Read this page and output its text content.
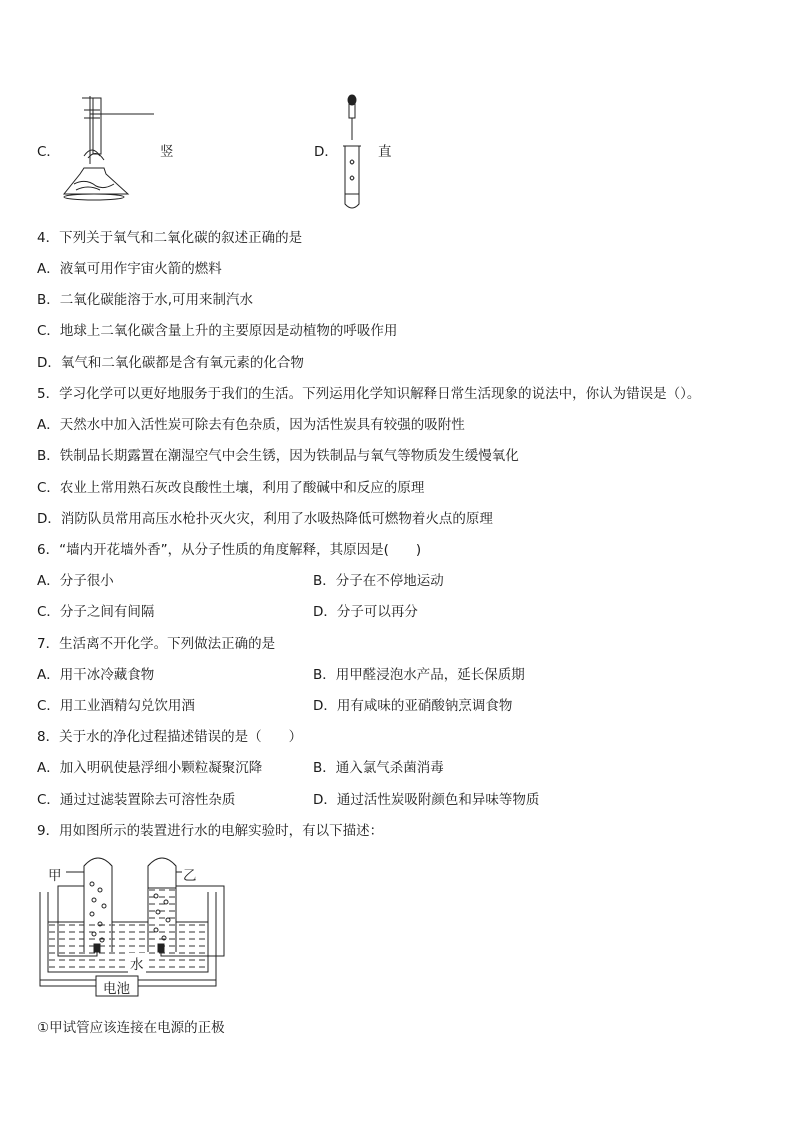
C．	竖	D．	直
4．下列关于氧气和二氧化碳的叙述正确的是
A．液氧可用作宇宙火箭的燃料
B．二氧化碳能溶于水,可用来制汽水
C．地球上二氧化碳含量上升的主要原因是动植物的呼吸作用
D．氧气和二氧化碳都是含有氧元素的化合物
5．学习化学可以更好地服务于我们的生活。下列运用化学知识解释日常生活现象的说法中，你认为错误是（）。
A．天然水中加入活性炭可除去有色杂质，因为活性炭具有较强的吸附性
B．铁制品长期露置在潮湿空气中会生锈，因为铁制品与氧气等物质发生缓慢氧化
C．农业上常用熟石灰改良酸性土壤，利用了酸碱中和反应的原理
D．消防队员常用高压水枪扑灭火灾，利用了水吸热降低可燃物着火点的原理
6．“墙内开花墙外香”，从分子性质的角度解释，其原因是(　　)
A．分子很小	B．分子在不停地运动
C．分子之间有间隔	D．分子可以再分
7．生活离不开化学。下列做法正确的是
A．用干冰冷藏食物	B．用甲醛浸泡水产品，延长保质期
C．用工业酒精勾兑饮用酒	D．用有咸味的亚硝酸钠烹调食物
8．关于水的净化过程描述错误的是（　　）
A．加入明矾使悬浮细小颗粒凝聚沉降	B．通入氯气杀菌消毒
C．通过过滤装置除去可溶性杂质	D．通过活性炭吸附颜色和异味等物质
9．用如图所示的装置进行水的电解实验时，有以下描述：
甲	乙
水
电池
①甲试管应该连接在电源的正极
